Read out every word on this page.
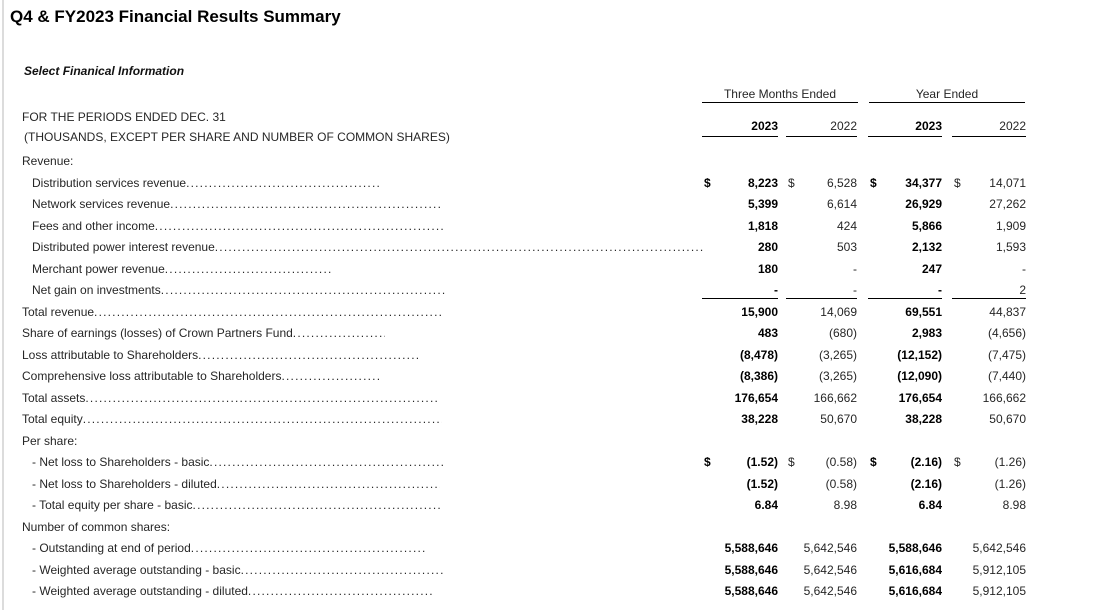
Q4 & FY2023 Financial Results Summary
Select Finanical Information
Three Months Ended	Year Ended
FOR THE PERIODS ENDED DEC. 31
(THOUSANDS, EXCEPT PER SHARE AND NUMBER OF COMMON SHARES)
2023	2022	2023	2022
Revenue:
Distribution services revenue .....	$	8,223 $	6,528 $ 34,377 $ 14,071
Network services revenue .....	5,399	6,614	26,929	27,262
Fees and other income .....	1,818	424	5,866	1,909
Distributed power interest revenue .....	280	503	2,132	1,593
Merchant power revenue .....	180	-	247	-
Net gain on investments .....	-	-	-	2
Total revenue .....	15,900	14,069	69,551	44,837
Share of earnings (losses) of Crown Partners Fund .....	483	(680)	2,983	(4,656)
Loss attributable to Shareholders .....	(8,478)	(3,265)	(12,152)	(7,475)
Comprehensive loss attributable to Shareholders .....	(8,386)	(3,265)	(12,090)	(7,440)
Total assets .....	176,654	166,662	176,654	166,662
Total equity .....	38,228	50,670	38,228	50,670
Per share:
- Net loss to Shareholders - basic .....	$	(1.52) $	(0.58) $	(2.16) $	(1.26)
- Net loss to Shareholders - diluted .....	(1.52)	(0.58)	(2.16)	(1.26)
- Total equity per share - basic .....	6.84	8.98	6.84	8.98
Number of common shares:
- Outstanding at end of period .....	5,588,646	5,642,546	5,588,646	5,642,546
- Weighted average outstanding - basic .....	5,588,646	5,642,546	5,616,684	5,912,105
- Weighted average outstanding - diluted .....	5,588,646	5,642,546	5,616,684	5,912,105
